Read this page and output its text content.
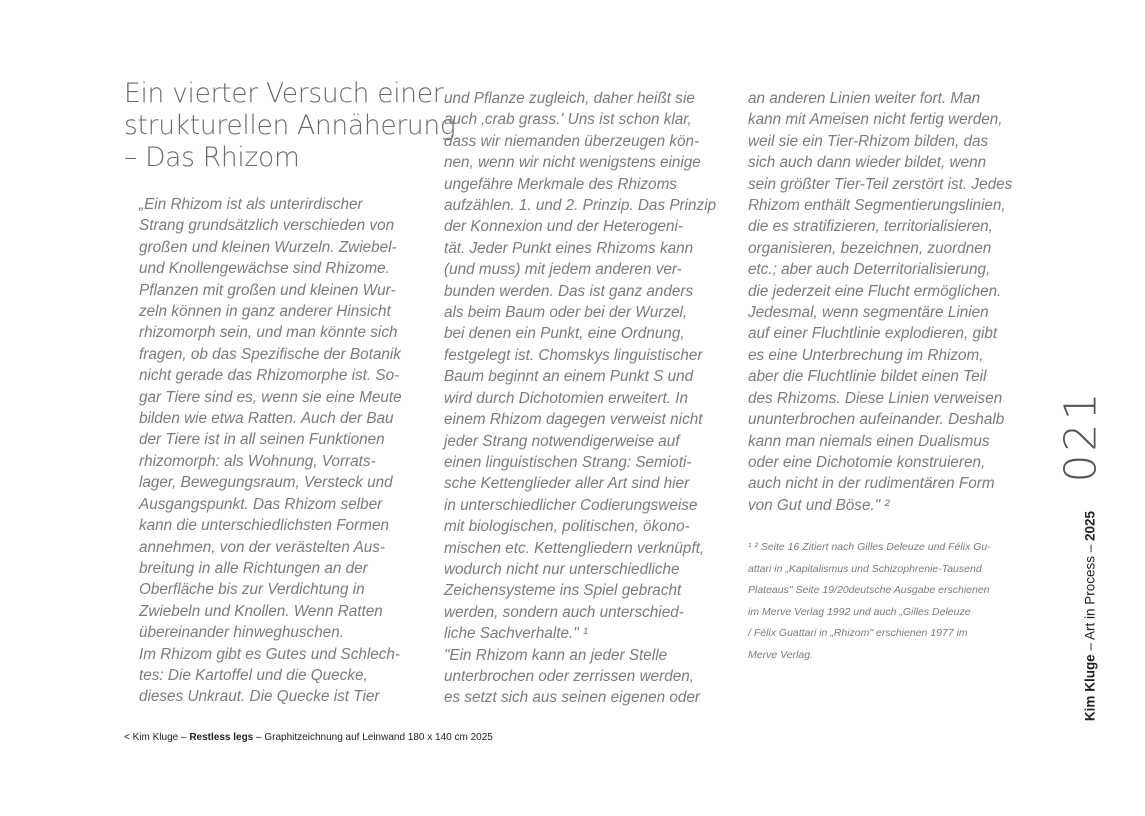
Ein vierter Versuch einer
strukturellen Annäherung
– Das Rhizom
„Ein Rhizom ist als unterirdischer
Strang grundsätzlich verschieden von
großen und kleinen Wurzeln. Zwiebel-
und Knollengewächse sind Rhizome.
Pflanzen mit großen und kleinen Wur-
zeln können in ganz anderer Hinsicht
rhizomorph sein, und man könnte sich
fragen, ob das Spezifische der Botanik
nicht gerade das Rhizomorphe ist. So-
gar Tiere sind es, wenn sie eine Meute
bilden wie etwa Ratten. Auch der Bau
der Tiere ist in all seinen Funktionen
rhizomorph: als Wohnung, Vorrats-
lager, Bewegungsraum, Versteck und
Ausgangspunkt. Das Rhizom selber
kann die unterschiedlichsten Formen
annehmen, von der verästelten Aus-
breitung in alle Richtungen an der
Oberfläche bis zur Verdichtung in
Zwiebeln und Knollen. Wenn Ratten
übereinander hinweghuschen.
Im Rhizom gibt es Gutes und Schlech-
tes: Die Kartoffel und die Quecke,
dieses Unkraut. Die Quecke ist Tier
und Pflanze zugleich, daher heißt sie
auch ‚crab grass.' Uns ist schon klar,
dass wir niemanden überzeugen kön-
nen, wenn wir nicht wenigstens einige
ungefähre Merkmale des Rhizoms
aufzählen. 1. und 2. Prinzip. Das Prinzip
der Konnexion und der Heterogeni-
tät. Jeder Punkt eines Rhizoms kann
(und muss) mit jedem anderen ver-
bunden werden. Das ist ganz anders
als beim Baum oder bei der Wurzel,
bei denen ein Punkt, eine Ordnung,
festgelegt ist. Chomskys linguistischer
Baum beginnt an einem Punkt S und
wird durch Dichotomien erweitert. In
einem Rhizom dagegen verweist nicht
jeder Strang notwendigerweise auf
einen linguistischen Strang: Semioti-
sche Kettenglieder aller Art sind hier
in unterschiedlicher Codierungsweise
mit biologischen, politischen, ökono-
mischen etc. Kettengliedern verknüpft,
wodurch nicht nur unterschiedliche
Zeichensysteme ins Spiel gebracht
werden, sondern auch unterschied-
liche Sachverhalte." ¹
"Ein Rhizom kann an jeder Stelle
unterbrochen oder zerrissen werden,
es setzt sich aus seinen eigenen oder
an anderen Linien weiter fort. Man
kann mit Ameisen nicht fertig werden,
weil sie ein Tier-Rhizom bilden, das
sich auch dann wieder bildet, wenn
sein größter Tier-Teil zerstört ist. Jedes
Rhizom enthält Segmentierungslinien,
die es stratifizieren, territorialisieren,
organisieren, bezeichnen, zuordnen
etc.; aber auch Deterritorialisierung,
die jederzeit eine Flucht ermöglichen.
Jedesmal, wenn segmentäre Linien
auf einer Fluchtlinie explodieren, gibt
es eine Unterbrechung im Rhizom,
aber die Fluchtlinie bildet einen Teil
des Rhizoms. Diese Linien verweisen
ununterbrochen aufeinander. Deshalb
kann man niemals einen Dualismus
oder eine Dichotomie konstruieren,
auch nicht in der rudimentären Form
von Gut und Böse." ²
¹ ² Seite 16 Zitiert nach Gilles Deleuze und Félix Gu-
attari in „Kapitalismus und Schizophrenie-Tausend
Plateaus" Seite 19/20deutsche Ausgabe erschienen
im Merve Verlag 1992 und auch „Gilles Deleuze
/ Félix Guattari in „Rhizom" erschienen 1977 im
Merve Verlag.

< Kim Kluge – Restless legs – Graphitzeichnung auf Leinwand 180 x 140 cm 2025

021
Kim Kluge – Art in Process – 2025
